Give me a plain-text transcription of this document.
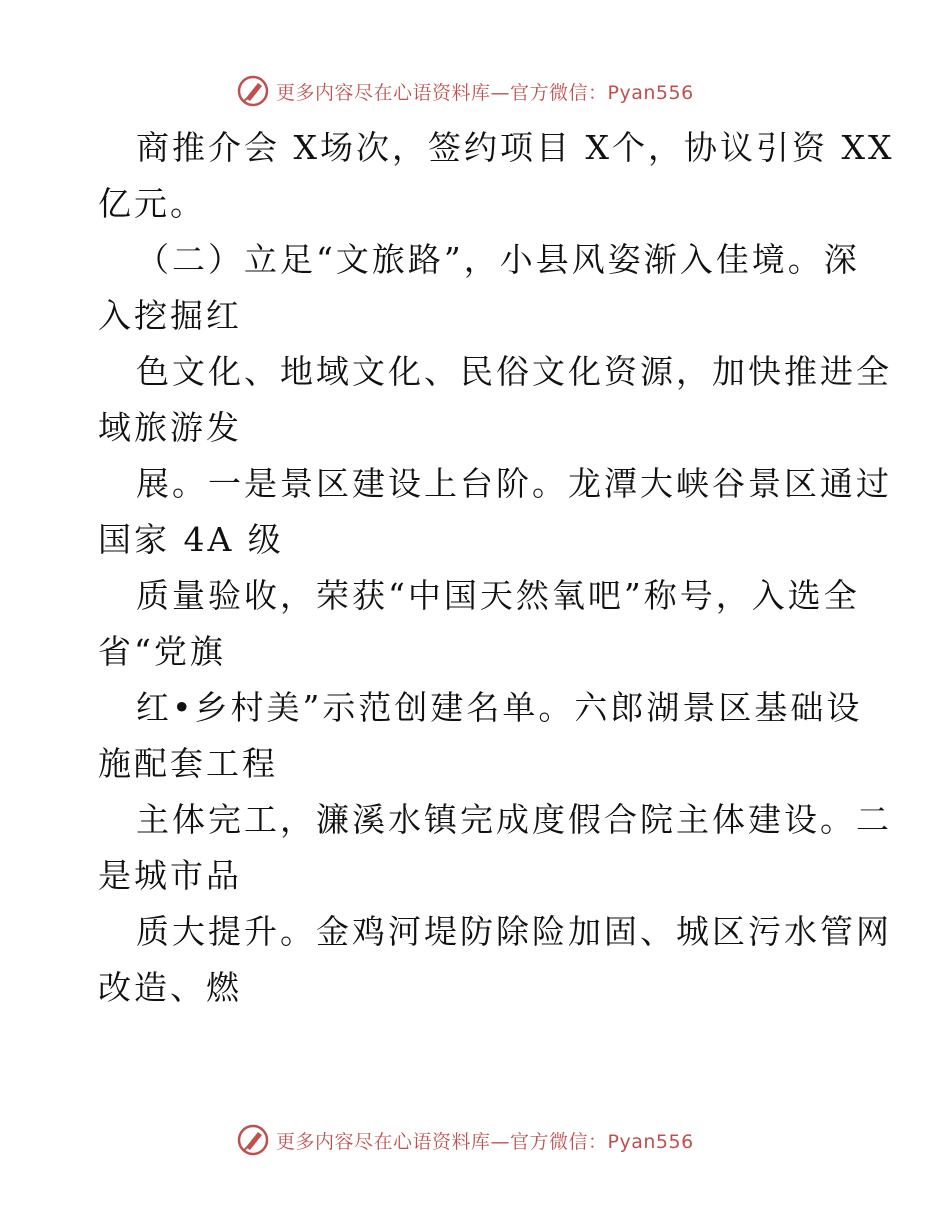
更多内容尽在心语资料库—官方微信：Pyan556
商推介会 X场次，签约项目 X个，协议引资 XX
亿元。
（二）立足“文旅路”，小县风姿渐入佳境。深
入挖掘红
色文化、地域文化、民俗文化资源，加快推进全
域旅游发
展。一是景区建设上台阶。龙潭大峡谷景区通过
国家 4A 级
质量验收，荣获“中国天然氧吧”称号，入选全
省“党旗
红•乡村美”示范创建名单。六郎湖景区基础设
施配套工程
主体完工，濂溪水镇完成度假合院主体建设。二
是城市品
质大提升。金鸡河堤防除险加固、城区污水管网
改造、燃
更多内容尽在心语资料库—官方微信：Pyan556
